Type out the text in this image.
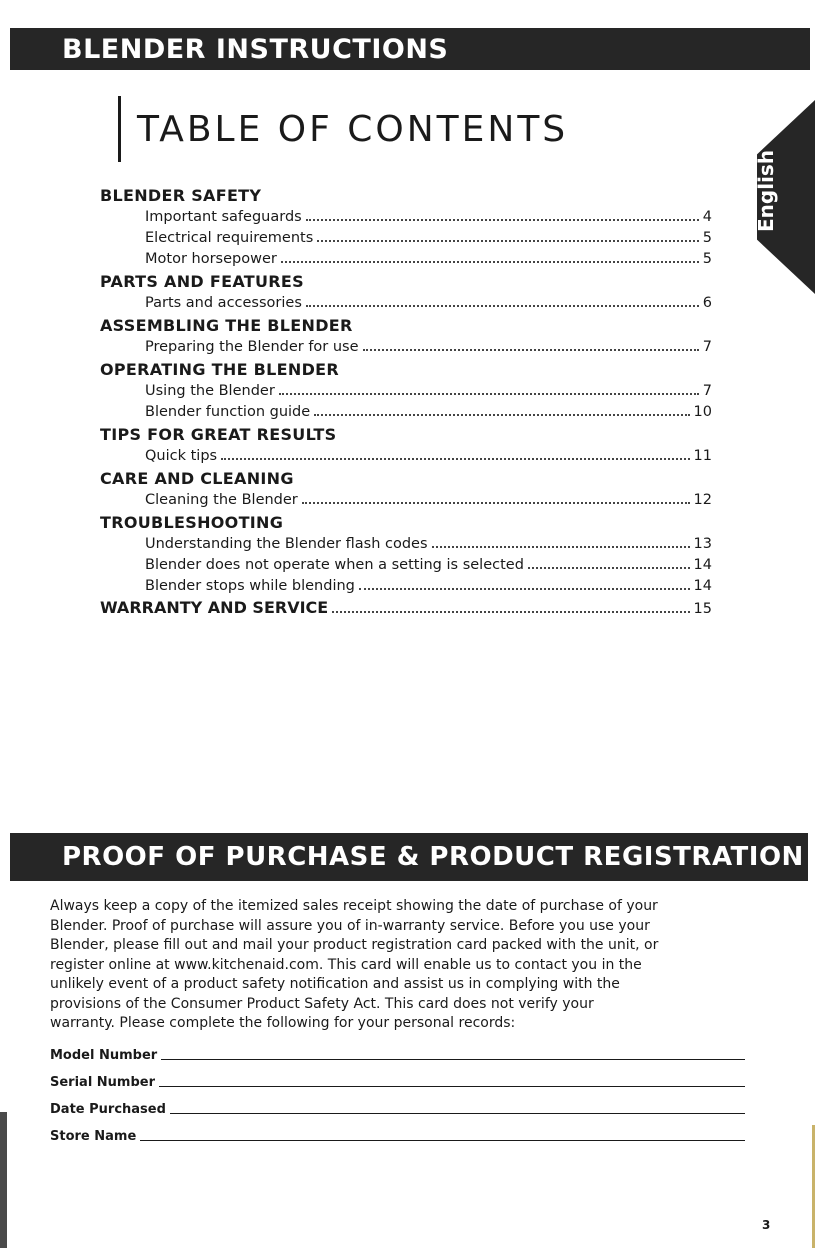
BLENDER INSTRUCTIONS
TABLE OF CONTENTS
English
BLENDER SAFETY
Important safeguards	4
Electrical requirements	5
Motor horsepower	5
PARTS AND FEATURES
Parts and accessories	6
ASSEMBLING THE BLENDER
Preparing the Blender for use	7
OPERATING THE BLENDER
Using the Blender	7
Blender function guide	10
TIPS FOR GREAT RESULTS
Quick tips	11
CARE AND CLEANING
Cleaning the Blender	12
TROUBLESHOOTING
Understanding the Blender flash codes	13
Blender does not operate when a setting is selected	14
Blender stops while blending	14
WARRANTY AND SERVICE	15
PROOF OF PURCHASE & PRODUCT REGISTRATION

Always keep a copy of the itemized sales receipt showing the date of purchase of your

Blender. Proof of purchase will assure you of in-warranty service. Before you use your

Blender, please fill out and mail your product registration card packed with the unit, or

register online at www.kitchenaid.com. This card will enable us to contact you in the

unlikely event of a product safety notification and assist us in complying with the

provisions of the Consumer Product Safety Act. This card does not verify your

warranty. Please complete the following for your personal records:

Model Number
Serial Number
Date Purchased
Store Name
3
